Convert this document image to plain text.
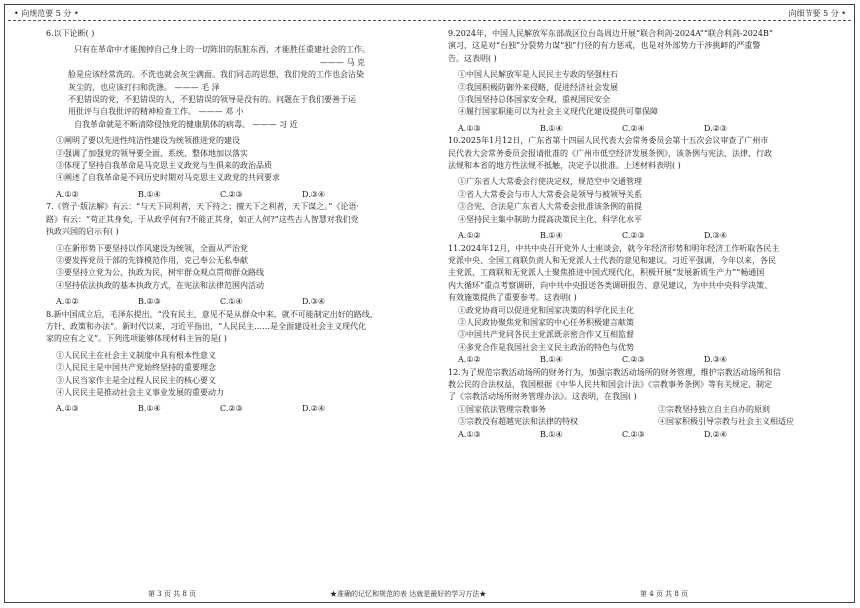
• 向规范要 5 分 •	向细节要 5 分 •
6.以下论断( )
只有在革命中才能抛掉自己身上的一切陈旧的肮脏东西，才能胜任重建社会的工作。
——— 马 克
脸是应该经常洗的。不洗也就会灰尘满面。我们同志的思想，我们党的工作也会沾染
灰尘的，也应该打扫和洗涤。 ——— 毛 泽
不犯错误的党，不犯错误的人，不犯错误的领导是没有的。问题在于我们要善于运
用批评与自我批评的精神检查工作。 ——— 邓 小
自我革命就是不断清除侵蚀党的健康肌体的病毒。 ——— 习 近
①阐明了要以先进性纯洁性建设为统领推进党的建设
②强调了加强党的领导要全面、系统、整体地加以落实
③体现了坚持自我革命是马克思主义政党与生俱来的政治品质
④阐述了自我革命是不同历史时期对马克思主义政党的共同要求
A.①②	B.①④	C.②③	D.③④
7.《管子·版法解》有云：“与天下同利者，天下持之；擅天下之利者，天下谋之。”《论语·
路》有云：“苟正其身矣，于从政乎何有?不能正其身，如正人何?”这些古人智慧对我们党
执政兴国的启示有( )
①在新形势下要坚持以作风建设为统领，全面从严治党
②要发挥党员干部的先锋模范作用，克己奉公无私奉献
③要坚持立党为公、执政为民，树牢群众观点贯彻群众路线
④坚持依法执政的基本执政方式，在宪法和法律范围内活动
A.①②	B.②③	C.①④	D.③④
8.新中国成立后，毛泽东提出，“没有民主，意见不是从群众中来，就不可能制定出好的路线、
方针、政策和办法”。新时代以来，习近平指出，“人民民主……是全面建设社会主义现代化
家的应有之义”。下列选项能够体现材料主旨的是( )
①人民民主在社会主义制度中具有根本性意义
②人民民主是中国共产党始终坚持的重要理念
③人民当家作主是全过程人民民主的核心要义
④人民民主是推动社会主义事业发展的重要动力
A.①③	B.①④	C.②③	D.②④
9.2024年，中国人民解放军东部战区位台岛周边开展“联合利剑-2024A”“联合利剑-2024B”
演习，这是对“台独”分裂势力谋“独”行径的有力惩戒，也是对外部势力干涉挑衅的严重警
告。这表明( )
①中国人民解放军是人民民主专政的坚强柱石
②我国积极防御外来侵略，促进经济社会发展
③我国坚持总体国家安全观，重视国民安全
④履行国家职能可以为社会主义现代化建设提供可靠保障
A.①③	B.①④	C.②④	D.②③
10.2025年1月12日，广东省第十四届人民代表大会常务委员会第十五次会议审查了广州市
民代表大会常务委员会报请批准的《广州市低空经济发展条例》，该条例与宪法、法律、行政
法规和本省的地方性法规不抵触，决定予以批准。上述材料表明( )
①广东省人大常委会行使决定权，规范空中交通管理
②省人大常委会与市人大常委会是领导与被领导关系
③合宪、合法是广东省人大常委会批准该条例的前提
④坚持民主集中制助力提高决策民主化、科学化水平
A.①②	B.①④	C.②③	D.③④
11.2024年12月，中共中央召开党外人士座谈会，就今年经济形势和明年经济工作听取各民主
党派中央、全国工商联负责人和无党派人士代表的意见和建议。习近平强调，今年以来，各民
主党派、工商联和无党派人士聚焦推进中国式现代化，积极开展“发展新质生产力”“畅通国
内大循环”重点考察调研，向中共中央报送各类调研报告、意见建议，为中共中央科学决策、
有效施策提供了重要参考。这表明( )
①政党协商可以促进党和国家决策的科学化民主化
②人民政协聚焦党和国家的中心任务积极建言献策
③中国共产党同各民主党派既亲密合作又互相监督
④多党合作是我国社会主义民主政治的特色与优势
A.①②	B.①④	C.②③	D.③④
12.为了规范宗教活动场所的财务行为，加强宗教活动场所的财务管理，维护宗教活动场所和信
教公民的合法权益，我国根据《中华人民共和国会计法》《宗教事务条例》等有关规定，制定
了《宗教活动场所财务管理办法》。这表明，在我国( )
①国家依法管理宗教事务	②宗教坚持独立自主自办的原则
③宗教没有超越宪法和法律的特权	④国家积极引导宗教与社会主义相适应
A.①③	B.①④	C.②③	D.②④
第 3 页 共 8 页	★准确的记忆和规范的表 达就是最好的学习方法★	第 4 页 共 8 页
